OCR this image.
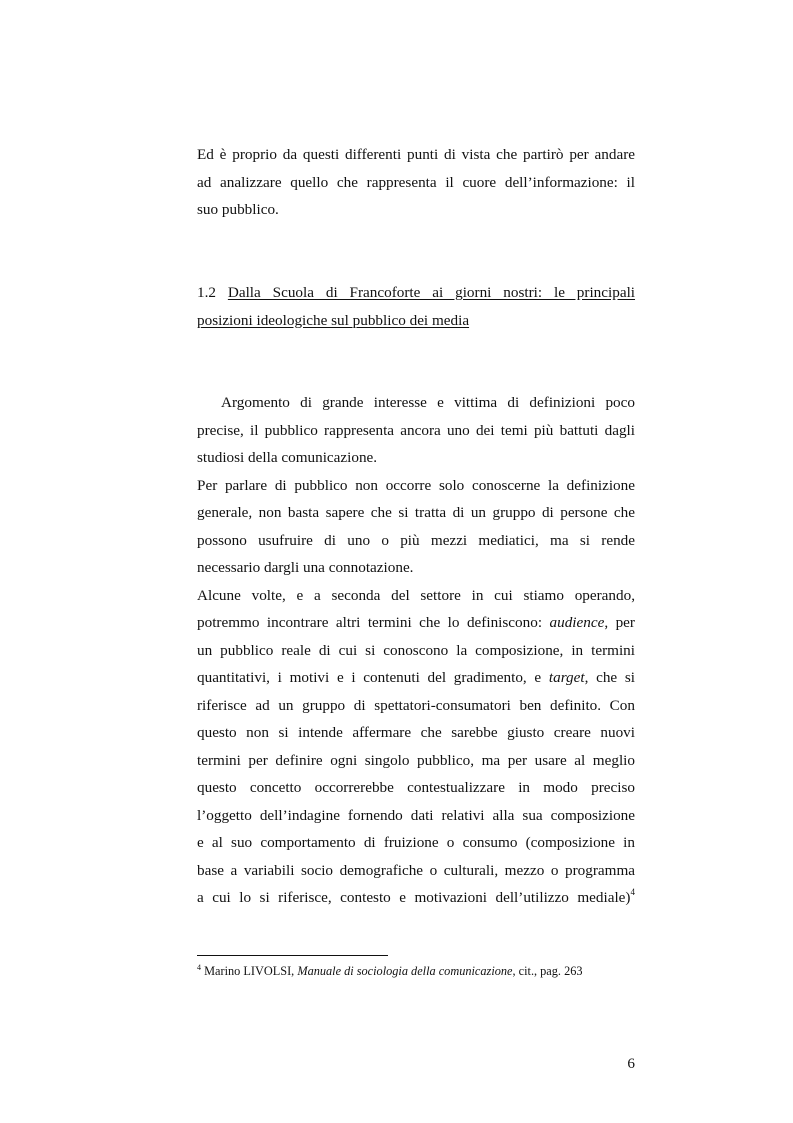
Ed è proprio da questi differenti punti di vista che partirò per andare
ad analizzare quello che rappresenta il cuore dell’informazione: il
suo pubblico.
1.2 Dalla Scuola di Francoforte ai giorni nostri: le principali
posizioni ideologiche sul pubblico dei media
Argomento di grande interesse e vittima di definizioni poco
precise, il pubblico rappresenta ancora uno dei temi più battuti dagli
studiosi della comunicazione.
Per parlare di pubblico non occorre solo conoscerne la definizione
generale, non basta sapere che si tratta di un gruppo di persone che
possono usufruire di uno o più mezzi mediatici, ma si rende
necessario dargli una connotazione.
Alcune volte, e a seconda del settore in cui stiamo operando,
potremmo incontrare altri termini che lo definiscono: audience, per
un pubblico reale di cui si conoscono la composizione, in termini
quantitativi, i motivi e i contenuti del gradimento, e target, che si
riferisce ad un gruppo di spettatori-consumatori ben definito. Con
questo non si intende affermare che sarebbe giusto creare nuovi
termini per definire ogni singolo pubblico, ma per usare al meglio
questo concetto occorrerebbe contestualizzare in modo preciso
l’oggetto dell’indagine fornendo dati relativi alla sua composizione
e al suo comportamento di fruizione o consumo (composizione in
base a variabili socio demografiche o culturali, mezzo o programma
a cui lo si riferisce, contesto e motivazioni dell’utilizzo mediale)$^4$
$^4$ Marino LIVOLSI, Manuale di sociologia della comunicazione, cit., pag. 263
6
